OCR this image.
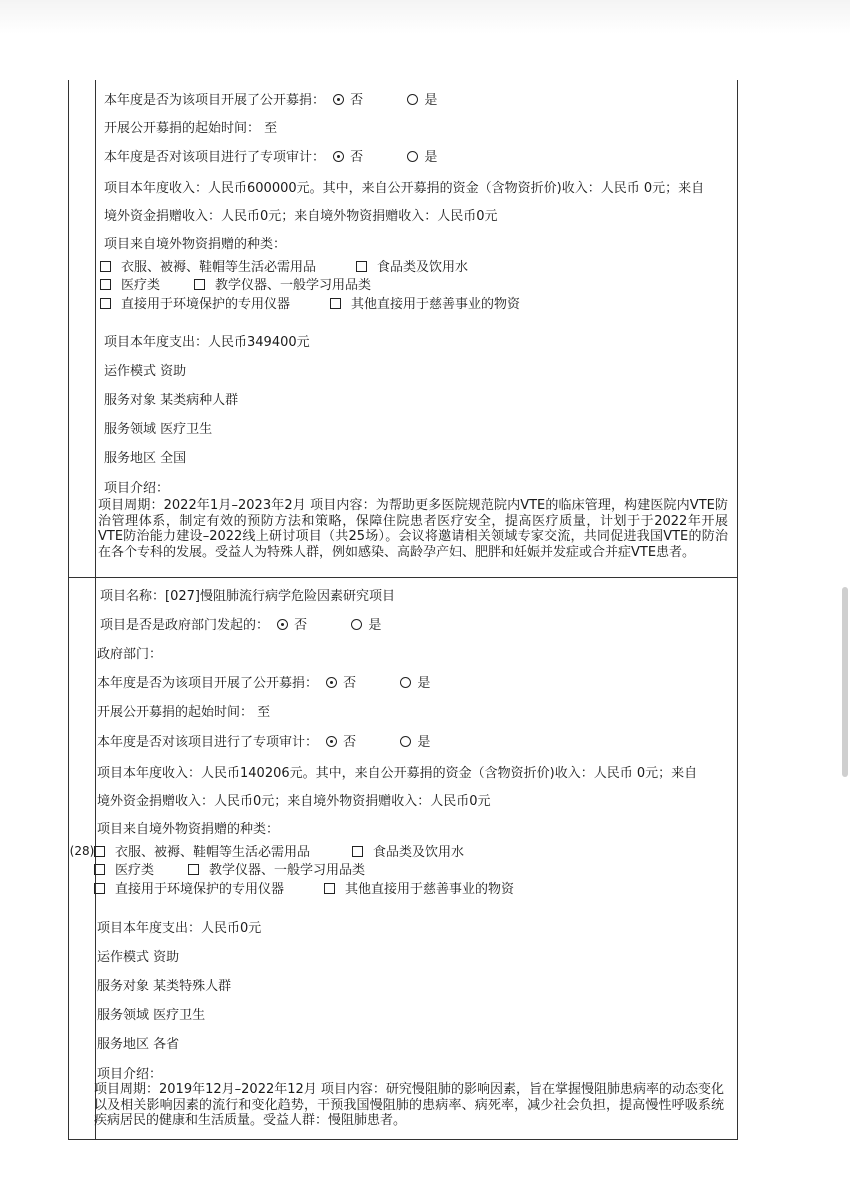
(28)
本年度是否为该项目开展了公开募捐： 否	是
开展公开募捐的起始时间： 至
本年度是否对该项目进行了专项审计： 否	是
项目本年度收入：人民币600000元。其中，来自公开募捐的资金（含物资折价)收入：人民币 0元；来自
境外资金捐赠收入：人民币0元；来自境外物资捐赠收入：人民币0元
项目来自境外物资捐赠的种类：
衣服、被褥、鞋帽等生活必需用品	食品类及饮用水
医疗类	教学仪器、一般学习用品类
直接用于环境保护的专用仪器	其他直接用于慈善事业的物资
项目本年度支出：人民币349400元
运作模式 资助
服务对象 某类病种人群
服务领域 医疗卫生
服务地区 全国
项目介绍：
项目周期：2022年1月–2023年2月 项目内容：为帮助更多医院规范院内VTE的临床管理，构建医院内VTE防治管理体系，制定有效的预防方法和策略，保障住院患者医疗安全，提高医疗质量，计划于于2022年开展VTE防治能力建设–2022线上研讨项目（共25场）。会议将邀请相关领域专家交流，共同促进我国VTE的防治在各个专科的发展。受益人为特殊人群，例如感染、高龄孕产妇、肥胖和妊娠并发症或合并症VTE患者。
项目名称：[027]慢阻肺流行病学危险因素研究项目
项目是否是政府部门发起的： 否	是
政府部门：
本年度是否为该项目开展了公开募捐： 否	是
开展公开募捐的起始时间： 至
本年度是否对该项目进行了专项审计： 否	是
项目本年度收入：人民币140206元。其中，来自公开募捐的资金（含物资折价)收入：人民币 0元；来自
境外资金捐赠收入：人民币0元；来自境外物资捐赠收入：人民币0元
项目来自境外物资捐赠的种类：
衣服、被褥、鞋帽等生活必需用品	食品类及饮用水
医疗类	教学仪器、一般学习用品类
直接用于环境保护的专用仪器	其他直接用于慈善事业的物资
项目本年度支出：人民币0元
运作模式 资助
服务对象 某类特殊人群
服务领域 医疗卫生
服务地区 各省
项目介绍：
项目周期：2019年12月–2022年12月 项目内容：研究慢阻肺的影响因素，旨在掌握慢阻肺患病率的动态变化以及相关影响因素的流行和变化趋势，干预我国慢阻肺的患病率、病死率，减少社会负担，提高慢性呼吸系统疾病居民的健康和生活质量。受益人群：慢阻肺患者。
